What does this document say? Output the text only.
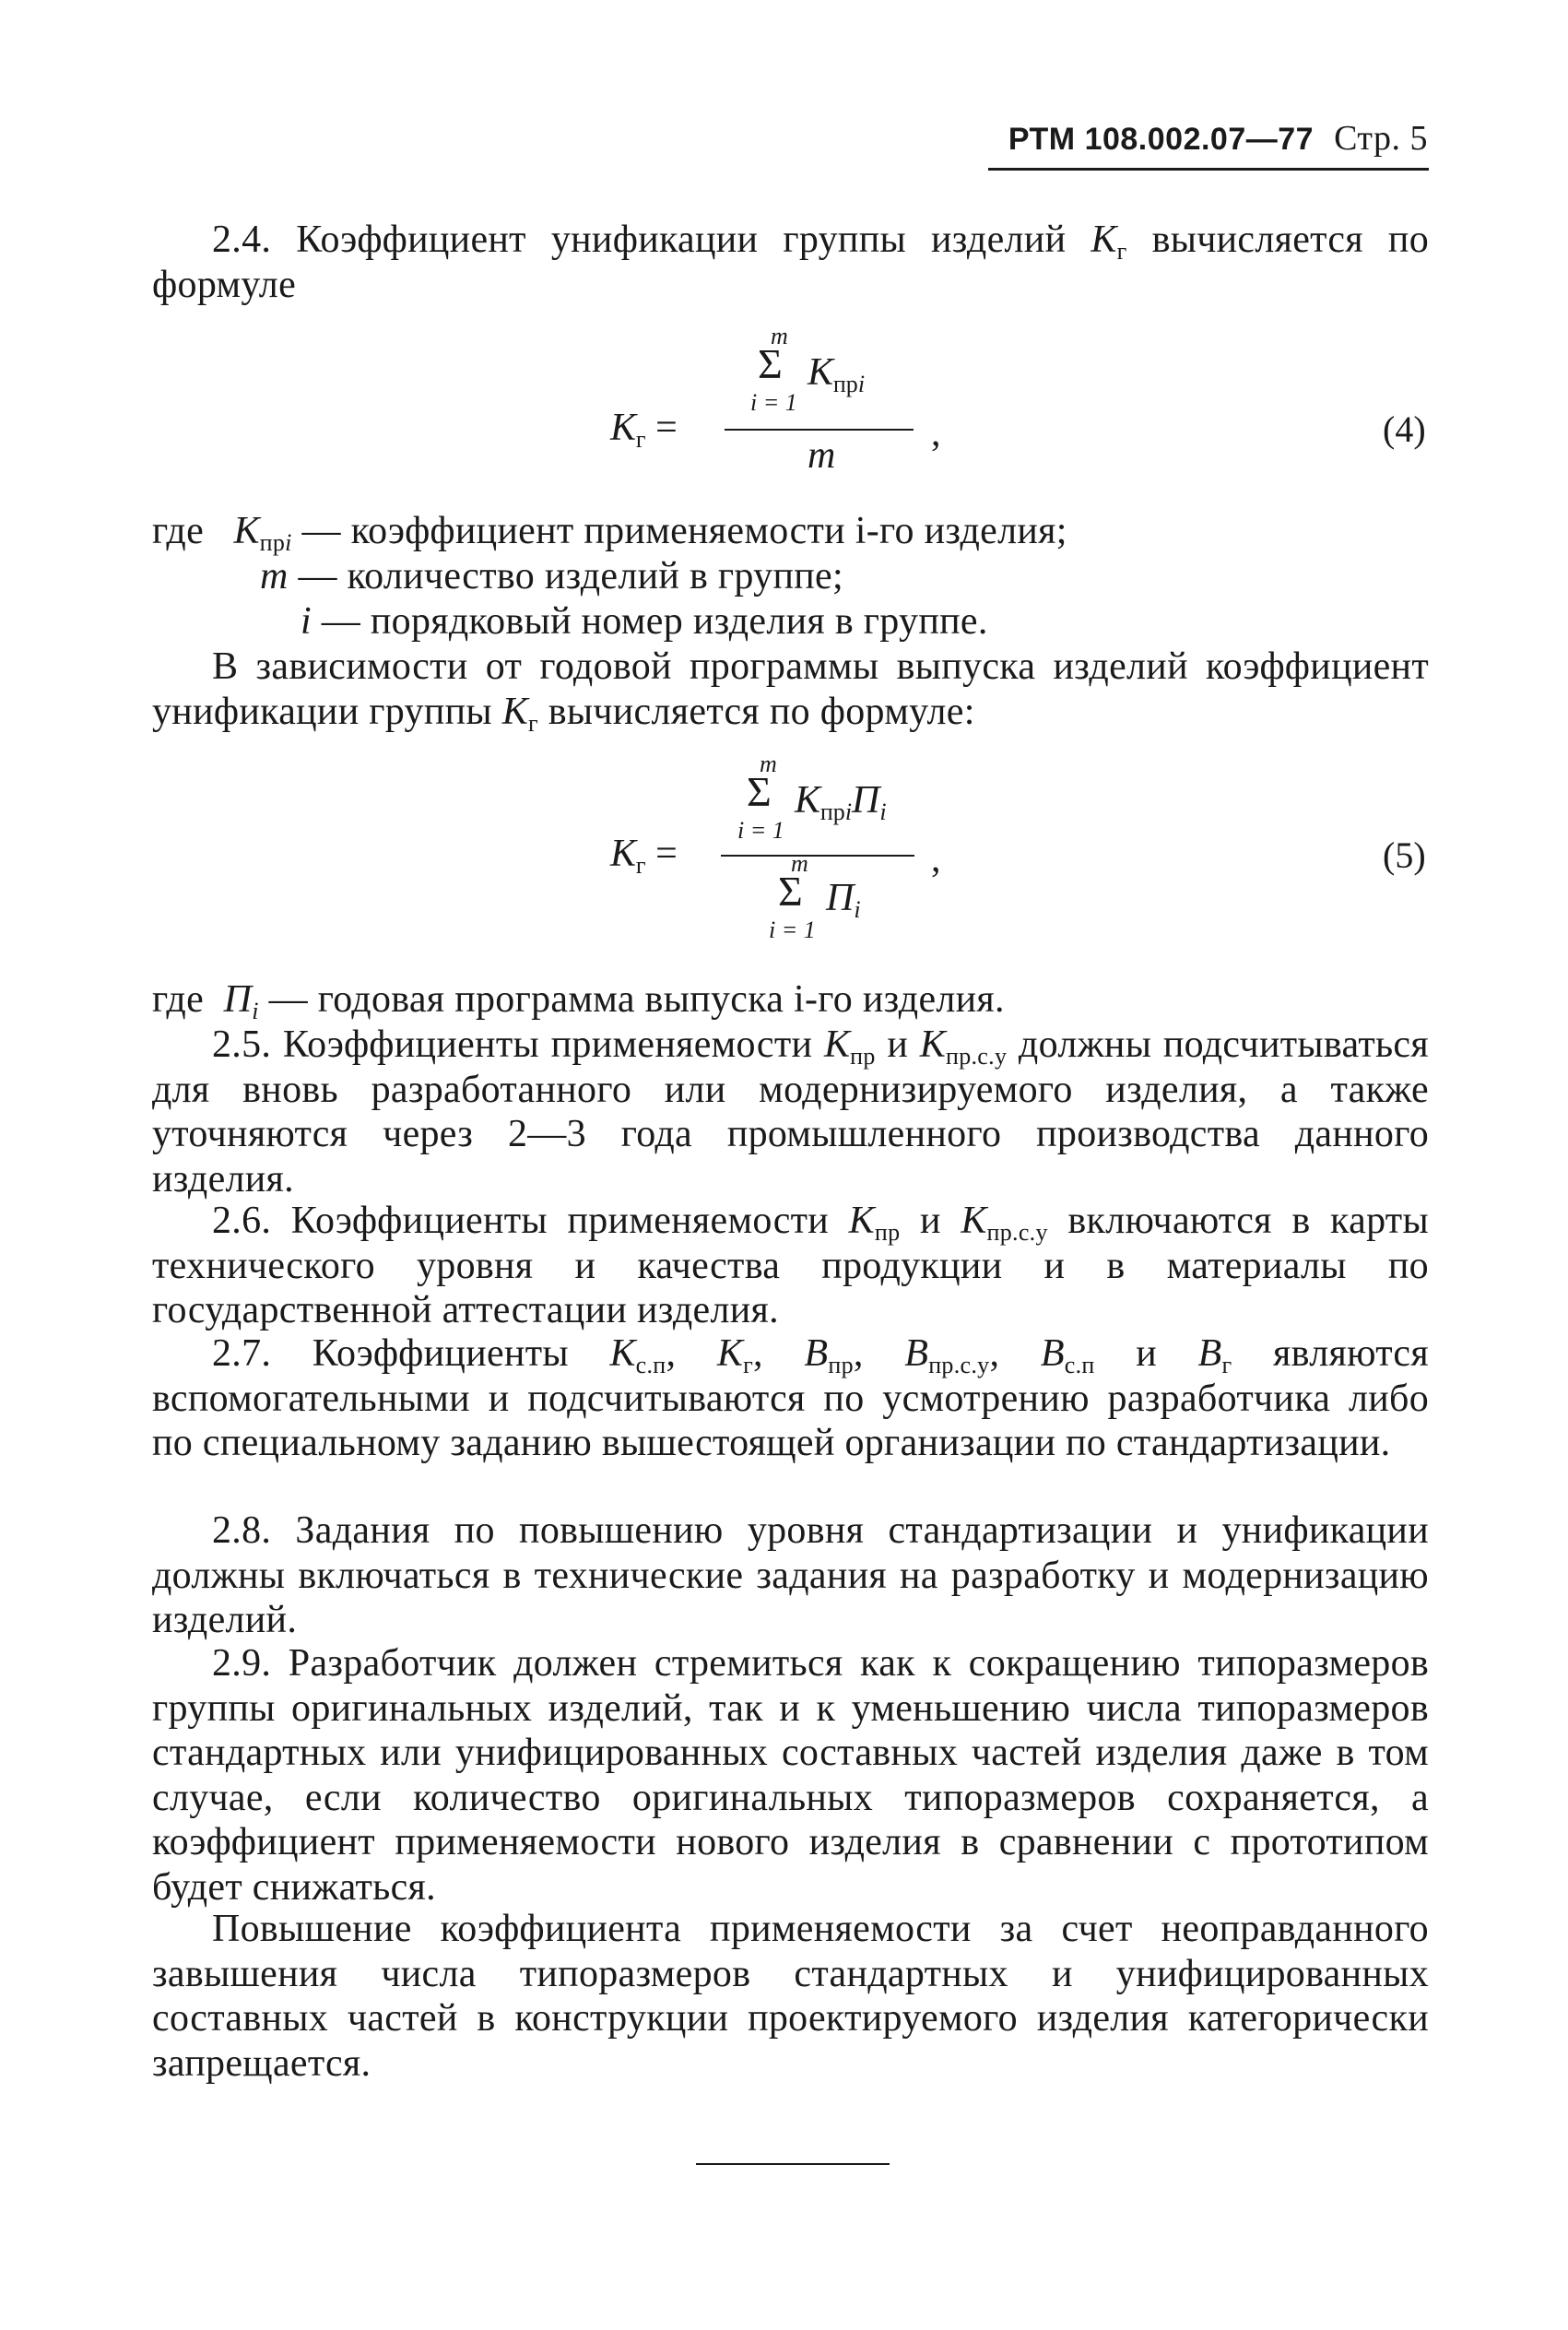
РТМ 108.002.07—77 Стр. 5

2.4. Коэффициент унификации группы изделий $К_г$ вычисляется по формуле

m
Σ $К_{прi}$
i = 1
$К_г$ =
m
,	(4)
где $К_{прi}$ — коэффициент применяемости i-го изделия;
m — количество изделий в группе;
i — порядковый номер изделия в группе.

В зависимости от годовой программы выпуска изделий коэффициент унификации группы $К_г$ вычисляется по формуле:

m
Σ $К_{прi}П_i$
i = 1
$К_г$ =	m
Σ $П_i$
i = 1
,	(5)
где $П_i$ — годовая программа выпуска i-го изделия.

2.5. Коэффициенты применяемости $К_{пр}$ и $К_{пр.с.у}$ должны подсчитываться для вновь разработанного или модернизируемого изделия, а также уточняются через 2—3 года промышленного производства данного изделия.

2.6. Коэффициенты применяемости $К_{пр}$ и $К_{пр.с.у}$ включаются в карты технического уровня и качества продукции и в материалы по государственной аттестации изделия.

2.7. Коэффициенты $К_{с.п}$, $К_г$, $В_{пр}$, $В_{пр.с.у}$, $В_{с.п}$ и $В_г$ являются вспомогательными и подсчитываются по усмотрению разработчика либо по специальному заданию вышестоящей организации по стандартизации.

2.8. Задания по повышению уровня стандартизации и унификации должны включаться в технические задания на разработку и модернизацию изделий.

2.9. Разработчик должен стремиться как к сокращению типоразмеров группы оригинальных изделий, так и к уменьшению числа типоразмеров стандартных или унифицированных составных частей изделия даже в том случае, если количество оригинальных типоразмеров сохраняется, а коэффициент применяемости нового изделия в сравнении с прототипом будет снижаться.

Повышение коэффициента применяемости за счет неоправданного завышения числа типоразмеров стандартных и унифицированных составных частей в конструкции проектируемого изделия категорически запрещается.
